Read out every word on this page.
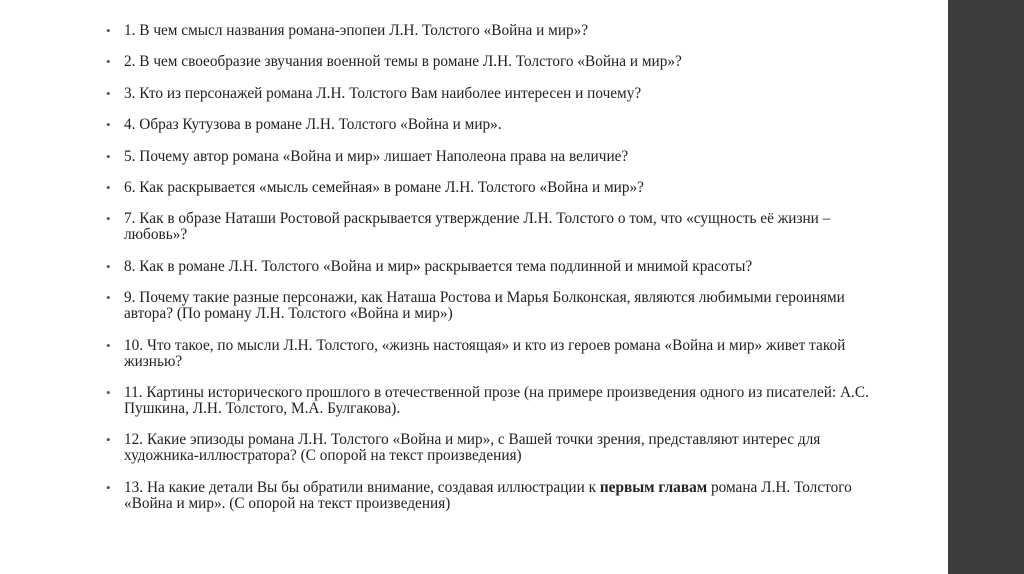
• 1. В чем смысл названия романа-эпопеи Л.Н. Толстого «Война и мир»?
• 2. В чем своеобразие звучания военной темы в романе Л.Н. Толстого «Война и мир»?
• 3. Кто из персонажей романа Л.Н. Толстого Вам наиболее интересен и почему?
• 4. Образ Кутузова в романе Л.Н. Толстого «Война и мир».
• 5. Почему автор романа «Война и мир» лишает Наполеона права на величие?
• 6. Как раскрывается «мысль семейная» в романе Л.Н. Толстого «Война и мир»?
• 7. Как в образе Наташи Ростовой раскрывается утверждение Л.Н. Толстого о том, что «сущность её жизни – любовь»?
• 8. Как в романе Л.Н. Толстого «Война и мир» раскрывается тема подлинной и мнимой красоты?
• 9. Почему такие разные персонажи, как Наташа Ростова и Марья Болконская, являются любимыми героинями автора? (По роману Л.Н. Толстого «Война и мир»)
• 10. Что такое, по мысли Л.Н. Толстого, «жизнь настоящая» и кто из героев романа «Война и мир» живет такой жизнью?
• 11. Картины исторического прошлого в отечественной прозе (на примере произведения одного из писателей: А.С. Пушкина, Л.Н. Толстого, М.А. Булгакова).
• 12. Какие эпизоды романа Л.Н. Толстого «Война и мир», с Вашей точки зрения, представляют интерес для художника-иллюстратора? (С опорой на текст произведения)
• 13. На какие детали Вы бы обратили внимание, создавая иллюстрации к первым главам романа Л.Н. Толстого «Война и мир». (С опорой на текст произведения)
